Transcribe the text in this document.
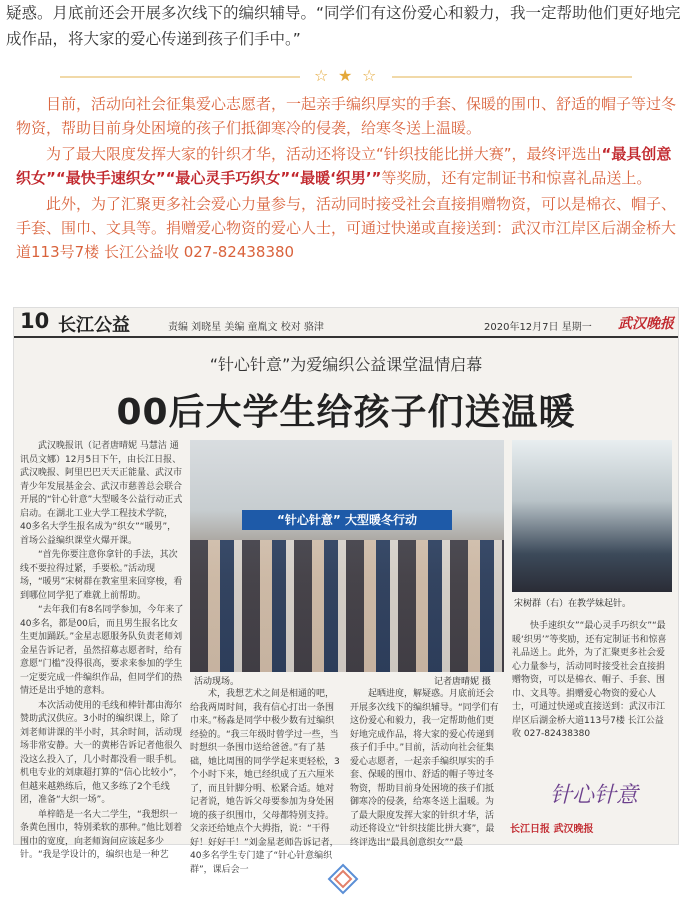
疑惑。月底前还会开展多次线下的编织辅导。“同学们有这份爱心和毅力，我一定帮助他们更好地完成作品，将大家的爱心传递到孩子们手中。”
☆ ★ ☆

目前，活动向社会征集爱心志愿者，一起亲手编织厚实的手套、保暖的围巾、舒适的帽子等过冬物资，帮助目前身处困境的孩子们抵御寒冷的侵袭，给寒冬送上温暖。

为了最大限度发挥大家的针织才华，活动还将设立“针织技能比拼大赛”，最终评选出“最具创意织女”“最快手速织女”“最心灵手巧织女”“最暖‘织男’”等奖励，还有定制证书和惊喜礼品送上。

此外，为了汇聚更多社会爱心力量参与，活动同时接受社会直接捐赠物资，可以是棉衣、帽子、手套、围巾、文具等。捐赠爱心物资的爱心人士，可通过快递或直接送到：武汉市江岸区后湖金桥大道113号7楼 长江公益收 027-82438380

10 长江公益	责编 刘晓星 美编 童胤文 校对 骆津	2020年12月7日 星期一 武汉晚报
“针心针意”为爱编织公益课堂温情启幕
00后大学生给孩子们送温暖

武汉晚报讯（记者唐晴妮 马慧洁 通讯员文娜）12月5日下午，由长江日报、武汉晚报、阿里巴巴天天正能量、武汉市青少年发展基金会、武汉市慈善总会联合开展的“针心针意”大型暖冬公益行动正式启动。在湖北工业大学工程技术学院，40多名大学生报名成为“织女”“暖男”，首场公益编织课堂火爆开课。

“首先你要注意你拿针的手法，其次线不要拉得过紧，手要松。”活动现场，“暖男”宋树群在教室里来回穿梭，看到哪位同学犯了难就上前帮助。

“去年我们有8名同学参加，今年来了40多名，都是00后，而且男生报名比女生更加踊跃。”金星志愿服务队负责老师刘金星告诉记者，虽然招募志愿者时，给有意愿“门槛”没得很高，要求来参加的学生一定要完成一件编织作品，但同学们的热情还是出乎她的意料。

本次活动使用的毛线和棒针都由海尔赞助武汉供应。3小时的编织课上，除了刘老师讲课的半小时，其余时间，活动现场非常安静。大一的黄彬告诉记者他很久没这么投入了，几小时都没看一眼手机。机电专业的刘康超打算的“信心比较小”，但越来越熟练后，他又多练了2个毛线团，准备“大织一场”。

单梓皓是一名大二学生，“我想织一条黄色围巾，特别柔软的那种。”他比划着围巾的宽度，向老师询问应该起多少针。“我是学设计的，编织也是一种艺

“针心针意” 大型暖冬行动
活动现场。	记者唐晴妮 摄
宋树群（右）在教学妹起针。

术，我想艺术之间是相通的吧，给我两周时间，我有信心打出一条围巾来。”杨淼是同学中极少数有过编织经验的。“我三年级时曾学过一些，当时想织一条围巾送给爸爸。”有了基础，她比周围的同学学起来更轻松，3个小时下来，她已经织成了五六厘米了，而且针脚分明、松紧合适。她对记者说，她告诉父母要参加为身处困境的孩子织围巾，父母都特别支持。父亲还给她点个大拇指，说：“干得好！好好干！”刘金星老师告诉记者，40多名学生专门建了“针心针意编织群”，课后会一

起晒进度，解疑惑。月底前还会开展多次线下的编织辅导。“同学们有这份爱心和毅力，我一定帮助他们更好地完成作品，将大家的爱心传递到孩子们手中。”目前，活动向社会征集爱心志愿者，一起亲手编织厚实的手套、保暖的围巾、舒适的帽子等过冬物资，帮助目前身处困境的孩子们抵御寒冷的侵袭，给寒冬送上温暖。为了最大限度发挥大家的针织才华，活动还将设立“针织技能比拼大赛”，最终评选出“最具创意织女”“最

快手速织女”“最心灵手巧织女”“最暖‘织男’”等奖励，还有定制证书和惊喜礼品送上。此外，为了汇聚更多社会爱心力量参与，活动同时接受社会直接捐赠物资，可以是棉衣、帽子、手套、围巾、文具等。捐赠爱心物资的爱心人士，可通过快递或直接送到：武汉市江岸区后湖金桥大道113号7楼 长江公益收 027-82438380

针心针意
长江日报 武汉晚报
